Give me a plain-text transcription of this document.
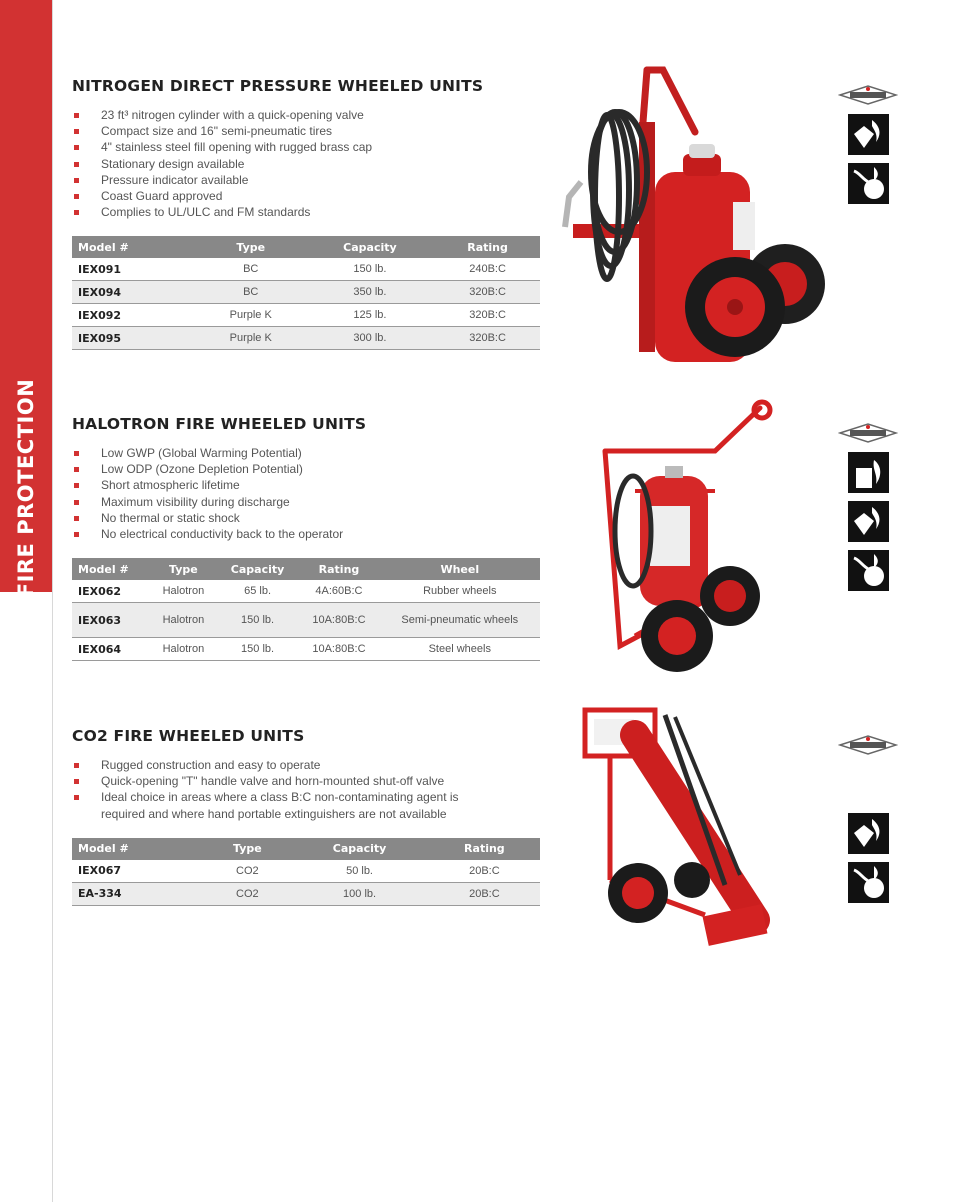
FIRE PROTECTION
NITROGEN DIRECT PRESSURE WHEELED UNITS
23 ft³ nitrogen cylinder with a quick-opening valve
Compact size and 16" semi-pneumatic tires
4" stainless steel fill opening with rugged brass cap
Stationary design available
Pressure indicator available
Coast Guard approved
Complies to UL/ULC and FM standards
Model #	Type	Capacity	Rating
IEX091	BC	150 lb.	240B:C
IEX094	BC	350 lb.	320B:C
IEX092	Purple K	125 lb.	320B:C
IEX095	Purple K	300 lb.	320B:C
HALOTRON FIRE WHEELED UNITS
Low GWP (Global Warming Potential)
Low ODP (Ozone Depletion Potential)
Short atmospheric lifetime
Maximum visibility during discharge
No thermal or static shock
No electrical conductivity back to the operator
Model #	Type	Capacity	Rating	Wheel
IEX062	Halotron	65 lb.	4A:60B:C	Rubber wheels
IEX063	Halotron	150 lb.	10A:80B:C	Semi-pneumatic wheels
IEX064	Halotron	150 lb.	10A:80B:C	Steel wheels
CO2 FIRE WHEELED UNITS
Rugged construction and easy to operate
Quick-opening "T" handle valve and horn-mounted shut-off valve
Ideal choice in areas where a class B:C non-contaminating agent is required and where hand portable extinguishers are not available
Model #	Type	Capacity	Rating
IEX067	CO2	50 lb.	20B:C
EA-334	CO2	100 lb.	20B:C
